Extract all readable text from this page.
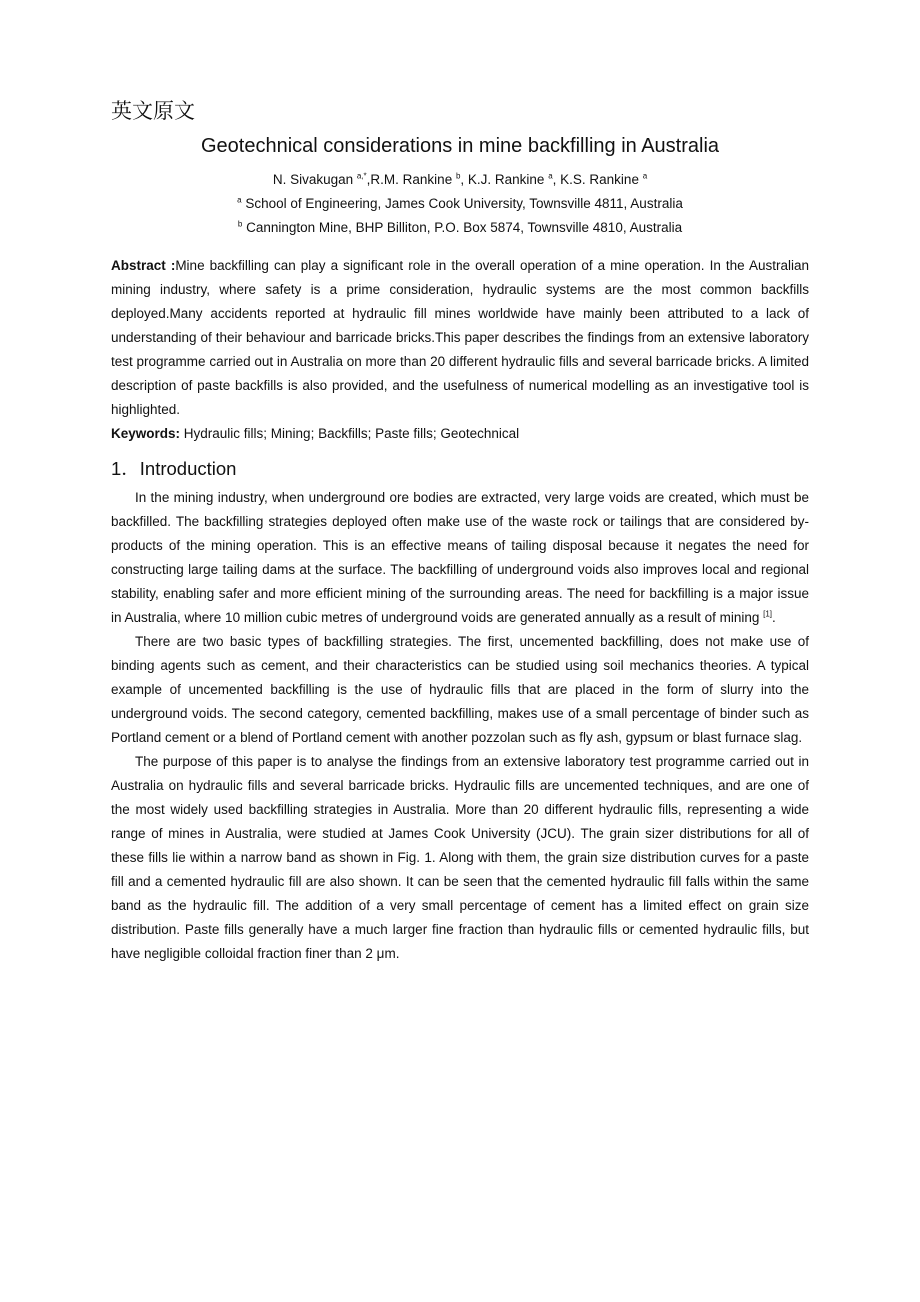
英文原文
Geotechnical considerations in mine backfilling in Australia
N. Sivakugan $^{a,*}$,R.M. Rankine $^b$, K.J. Rankine $^a$, K.S. Rankine $^a$
$^a$ School of Engineering, James Cook University, Townsville 4811, Australia
$^b$ Cannington Mine, BHP Billiton, P.O. Box 5874, Townsville 4810, Australia
Abstract :Mine backfilling can play a significant role in the overall operation of a mine operation. In the Australian mining industry, where safety is a prime consideration, hydraulic systems are the most common backfills deployed.Many accidents reported at hydraulic fill mines worldwide have mainly been attributed to a lack of understanding of their behaviour and barricade bricks.This paper describes the findings from an extensive laboratory test programme carried out in Australia on more than 20 different hydraulic fills and several barricade bricks. A limited description of paste backfills is also provided, and the usefulness of numerical modelling as an investigative tool is highlighted.
Keywords: Hydraulic fills; Mining; Backfills; Paste fills; Geotechnical
1．Introduction

In the mining industry, when underground ore bodies are extracted, very large voids are created, which must be backfilled. The backfilling strategies deployed often make use of the waste rock or tailings that are considered by-products of the mining operation. This is an effective means of tailing disposal because it negates the need for constructing large tailing dams at the surface. The backfilling of underground voids also improves local and regional stability, enabling safer and more efficient mining of the surrounding areas. The need for backfilling is a major issue in Australia, where 10 million cubic metres of underground voids are generated annually as a result of mining [1].

There are two basic types of backfilling strategies. The first, uncemented backfilling, does not make use of binding agents such as cement, and their characteristics can be studied using soil mechanics theories. A typical example of uncemented backfilling is the use of hydraulic fills that are placed in the form of slurry into the underground voids. The second category, cemented backfilling, makes use of a small percentage of binder such as Portland cement or a blend of Portland cement with another pozzolan such as fly ash, gypsum or blast furnace slag.

The purpose of this paper is to analyse the findings from an extensive laboratory test programme carried out in Australia on hydraulic fills and several barricade bricks. Hydraulic fills are uncemented techniques, and are one of the most widely used backfilling strategies in Australia. More than 20 different hydraulic fills, representing a wide range of mines in Australia, were studied at James Cook University (JCU). The grain sizer distributions for all of these fills lie within a narrow band as shown in Fig. 1. Along with them, the grain size distribution curves for a paste fill and a cemented hydraulic fill are also shown. It can be seen that the cemented hydraulic fill falls within the same band as the hydraulic fill. The addition of a very small percentage of cement has a limited effect on grain size distribution. Paste fills generally have a much larger fine fraction than hydraulic fills or cemented hydraulic fills, but have negligible colloidal fraction finer than 2 μm.
